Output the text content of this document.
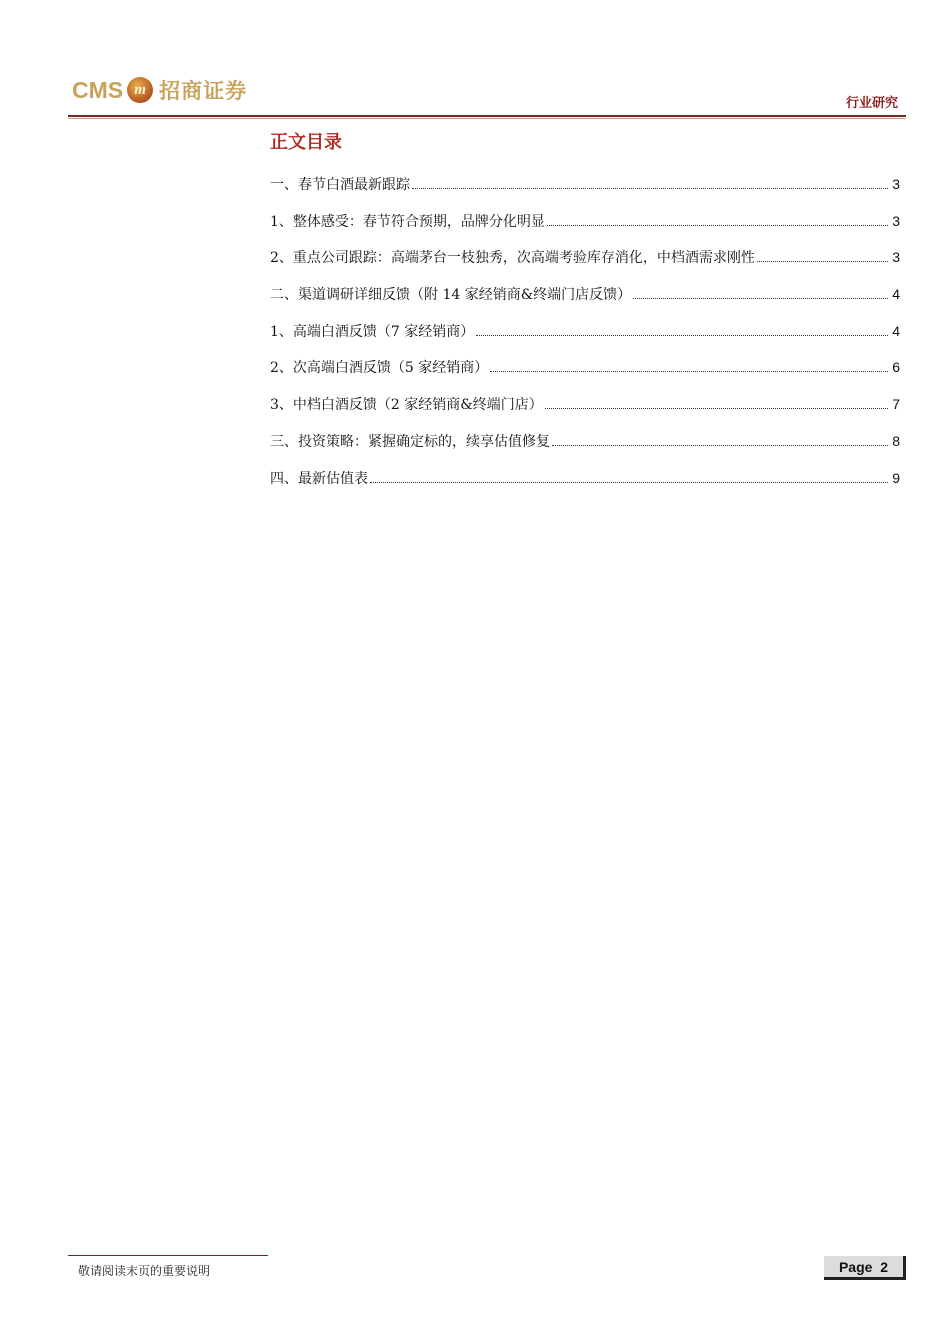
CMS m 招商证券
行业研究
正文目录
一、春节白酒最新跟踪	3
1、整体感受：春节符合预期，品牌分化明显	3
2、重点公司跟踪：高端茅台一枝独秀，次高端考验库存消化，中档酒需求刚性	3
二、渠道调研详细反馈（附 14 家经销商&终端门店反馈）	4
1、高端白酒反馈（7 家经销商）	4
2、次高端白酒反馈（5 家经销商）	6
3、中档白酒反馈（2 家经销商&终端门店）	7
三、投资策略：紧握确定标的，续享估值修复	8
四、最新估值表	9
敬请阅读末页的重要说明	Page
2
